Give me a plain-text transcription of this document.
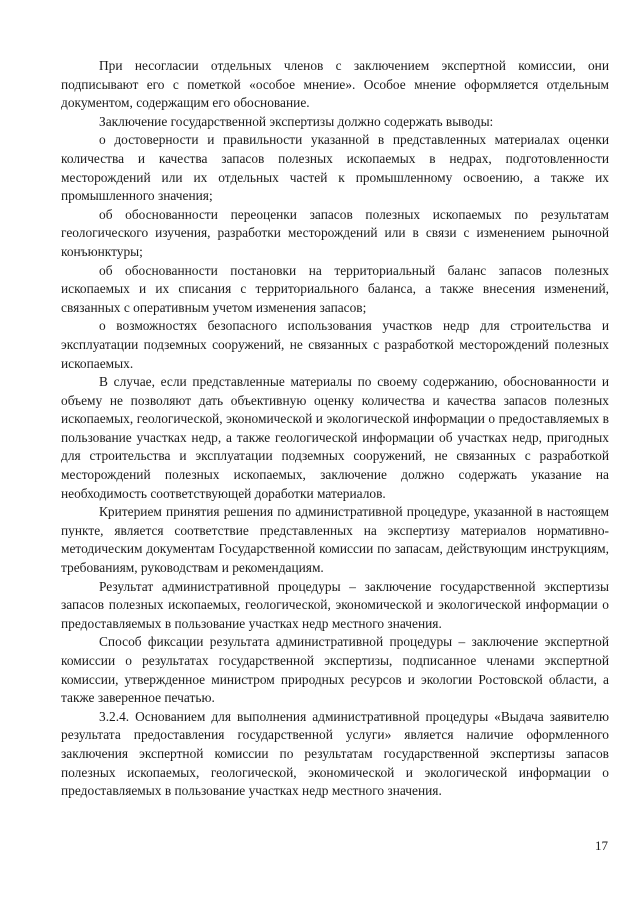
При несогласии отдельных членов с заключением экспертной комиссии, они подписывают его с пометкой «особое мнение». Особое мнение оформляется отдельным документом, содержащим его обоснование.

Заключение государственной экспертизы должно содержать выводы:

о достоверности и правильности указанной в представленных материалах оценки количества и качества запасов полезных ископаемых в недрах, подготовленности месторождений или их отдельных частей к промышленному освоению, а также их промышленного значения;

об обоснованности переоценки запасов полезных ископаемых по результатам геологического изучения, разработки месторождений или в связи с изменением рыночной конъюнктуры;

об обоснованности постановки на территориальный баланс запасов полезных ископаемых и их списания с территориального баланса, а также внесения изменений, связанных с оперативным учетом изменения запасов;

о возможностях безопасного использования участков недр для строительства и эксплуатации подземных сооружений, не связанных с разработкой месторождений полезных ископаемых.

В случае, если представленные материалы по своему содержанию, обоснованности и объему не позволяют дать объективную оценку количества и качества запасов полезных ископаемых, геологической, экономической и экологической информации о предоставляемых в пользование участках недр, а также геологической информации об участках недр, пригодных для строительства и эксплуатации подземных сооружений, не связанных с разработкой месторождений полезных ископаемых, заключение должно содержать указание на необходимость соответствующей доработки материалов.

Критерием принятия решения по административной процедуре, указанной в настоящем пункте, является соответствие представленных на экспертизу материалов нормативно-методическим документам Государственной комиссии по запасам, действующим инструкциям, требованиям, руководствам и рекомендациям.

Результат административной процедуры – заключение государственной экспертизы запасов полезных ископаемых, геологической, экономической и экологической информации о предоставляемых в пользование участках недр местного значения.

Способ фиксации результата административной процедуры – заключение экспертной комиссии о результатах государственной экспертизы, подписанное членами экспертной комиссии, утвержденное министром природных ресурсов и экологии Ростовской области, а также заверенное печатью.

3.2.4. Основанием для выполнения административной процедуры «Выдача заявителю результата предоставления государственной услуги» является наличие оформленного заключения экспертной комиссии по результатам государственной экспертизы запасов полезных ископаемых, геологической, экономической и экологической информации о предоставляемых в пользование участках недр местного значения.

17
